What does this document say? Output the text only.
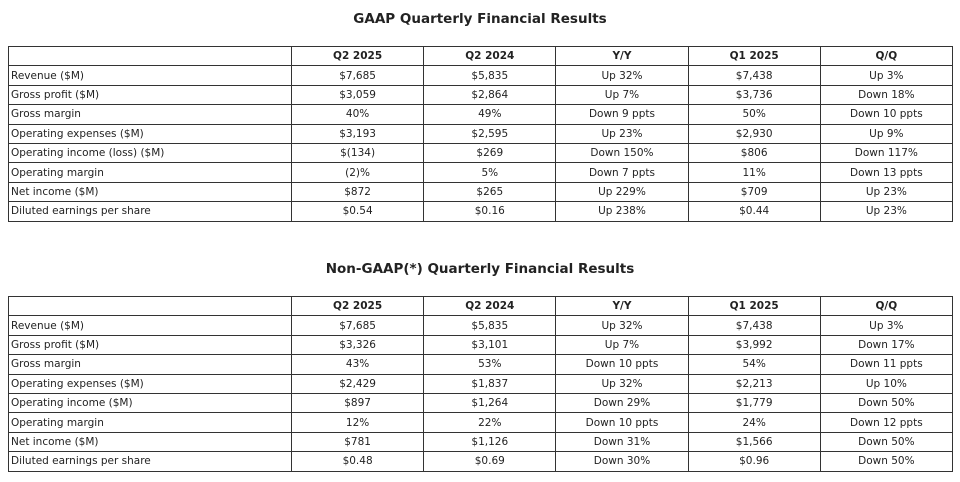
GAAP Quarterly Financial Results
	Q2 2025	Q2 2024	Y/Y	Q1 2025	Q/Q
Revenue ($M)	$7,685	$5,835	Up 32%	$7,438	Up 3%
Gross profit ($M)	$3,059	$2,864	Up 7%	$3,736	Down 18%
Gross margin	40%	49%	Down 9 ppts	50%	Down 10 ppts
Operating expenses ($M)	$3,193	$2,595	Up 23%	$2,930	Up 9%
Operating income (loss) ($M)	$(134)	$269	Down 150%	$806	Down 117%
Operating margin	(2)%	5%	Down 7 ppts	11%	Down 13 ppts
Net income ($M)	$872	$265	Up 229%	$709	Up 23%
Diluted earnings per share	$0.54	$0.16	Up 238%	$0.44	Up 23%
Non-GAAP(*) Quarterly Financial Results
	Q2 2025	Q2 2024	Y/Y	Q1 2025	Q/Q
Revenue ($M)	$7,685	$5,835	Up 32%	$7,438	Up 3%
Gross profit ($M)	$3,326	$3,101	Up 7%	$3,992	Down 17%
Gross margin	43%	53%	Down 10 ppts	54%	Down 11 ppts
Operating expenses ($M)	$2,429	$1,837	Up 32%	$2,213	Up 10%
Operating income ($M)	$897	$1,264	Down 29%	$1,779	Down 50%
Operating margin	12%	22%	Down 10 ppts	24%	Down 12 ppts
Net income ($M)	$781	$1,126	Down 31%	$1,566	Down 50%
Diluted earnings per share	$0.48	$0.69	Down 30%	$0.96	Down 50%
